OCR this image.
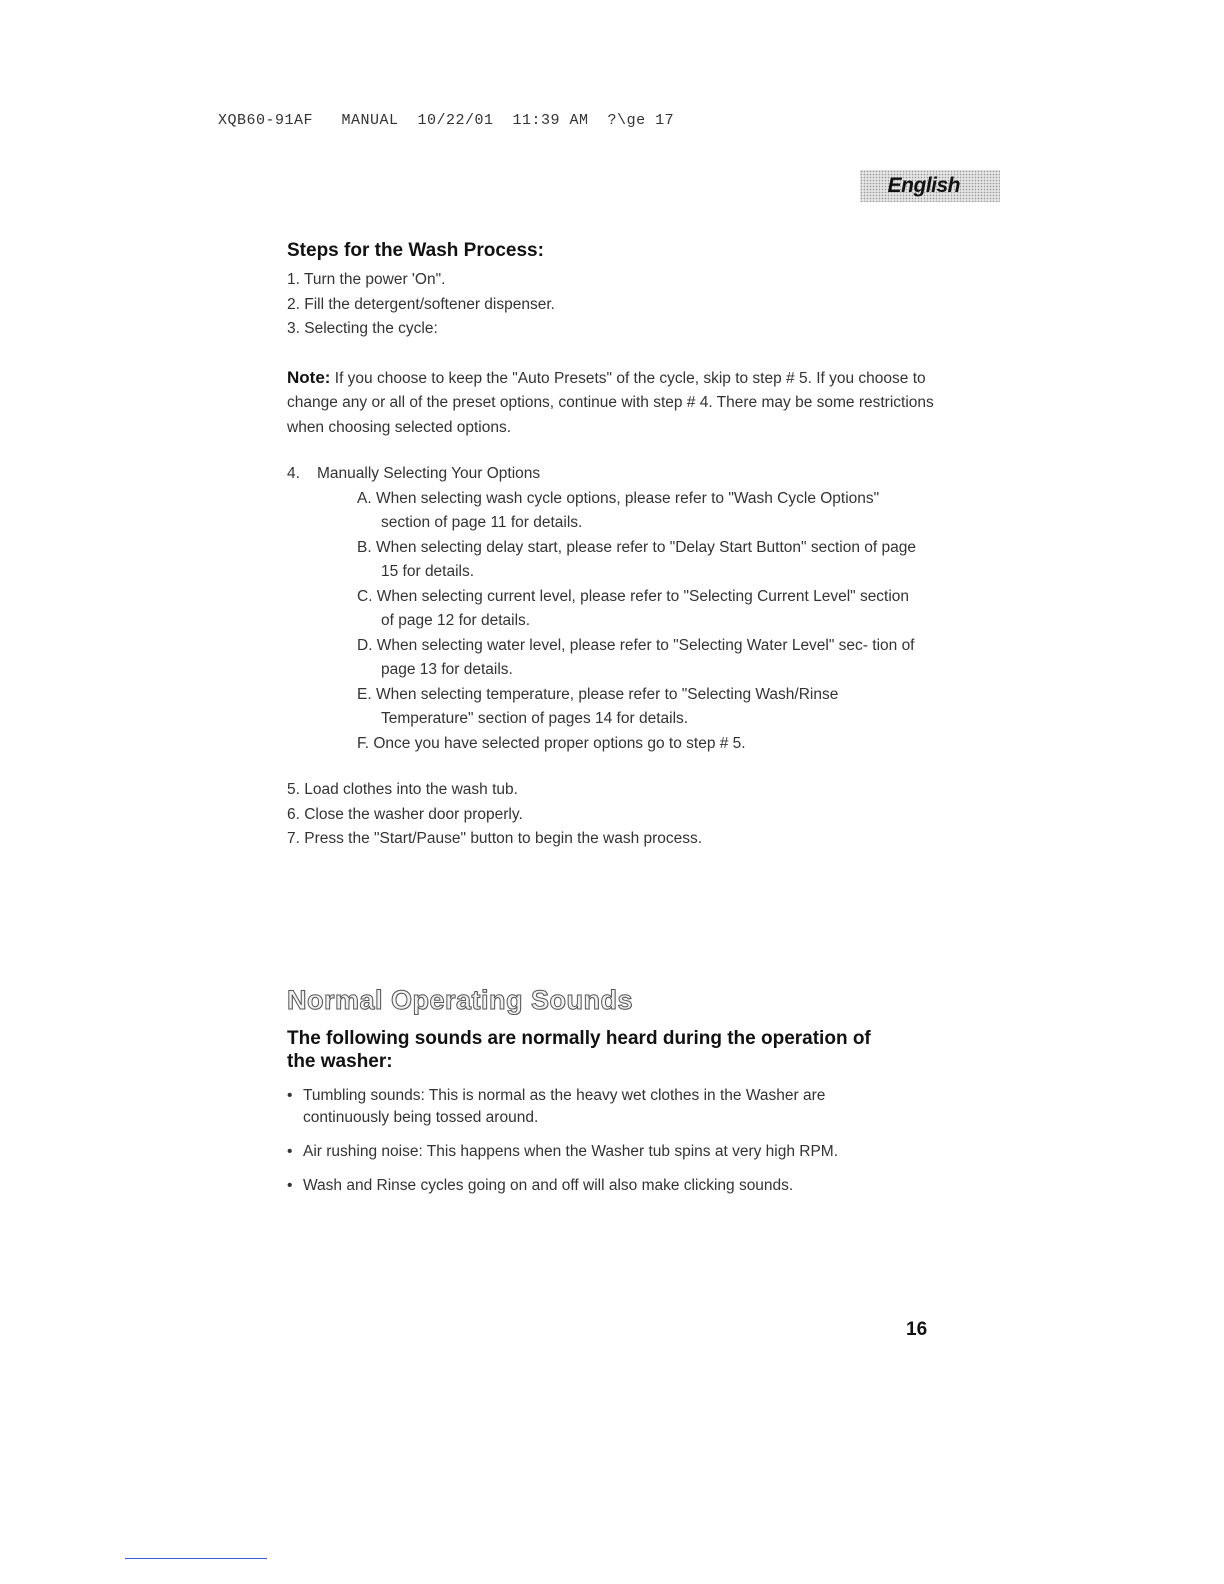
XQB60-91AF   MANUAL  10/22/01  11:39 AM  ?\ge 17
English
Steps for the Wash Process:
1. Turn the power 'On".
2. Fill the detergent/softener dispenser.
3. Selecting the cycle:

Note: If you choose to keep the "Auto Presets" of the cycle, skip to step # 5. If you choose to change any or all of the preset options, continue with step # 4. There may be some restrictions when choosing selected options.

4. Manually Selecting Your Options
A. When selecting wash cycle options, please refer to "Wash Cycle Options" section of page 11 for details.
B. When selecting delay start, please refer to "Delay Start Button" section of page 15 for details.
C. When selecting current level, please refer to "Selecting Current Level" section of page 12 for details.
D. When selecting water level, please refer to "Selecting Water Level" sec- tion of page 13 for details.
E. When selecting temperature, please refer to "Selecting Wash/Rinse Temperature" section of pages 14 for details.
F. Once you have selected proper options go to step # 5.
5. Load clothes into the wash tub.
6. Close the washer door properly.
7. Press the "Start/Pause" button to begin the wash process.
Normal Operating Sounds
The following sounds are normally heard during the operation of the washer:
• Tumbling sounds: This is normal as the heavy wet clothes in the Washer are continuously being tossed around.
• Air rushing noise: This happens when the Washer tub spins at very high RPM.
• Wash and Rinse cycles going on and off will also make clicking sounds.
16
